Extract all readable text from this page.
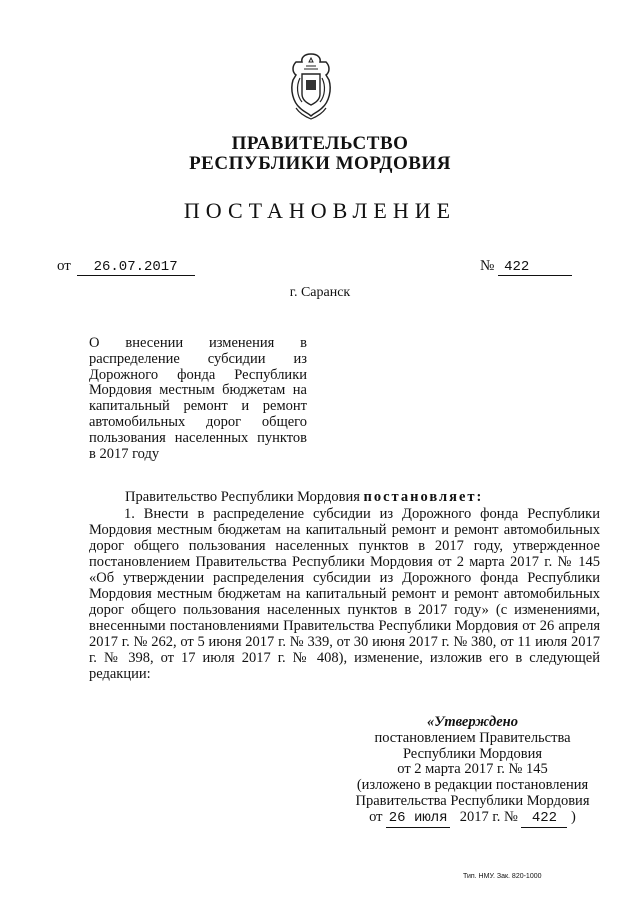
ПРАВИТЕЛЬСТВО
РЕСПУБЛИКИ МОРДОВИЯ
ПОСТАНОВЛЕНИЕ
от 26.07.2017	№ 422
г. Саранск
О внесении изменения в
распределение субсидии из
Дорожного фонда Республики
Мордовия местным бюджетам на
капитальный ремонт и ремонт
автомобильных дорог общего
пользования населенных пунктов
в 2017 году
Правительство Республики Мордовия постановляет:
1. Внести в распределение субсидии из Дорожного фонда Республики Мордовия местным бюджетам на капитальный ремонт и ремонт автомобильных дорог общего пользования населенных пунктов в 2017 году, утвержденное постановлением Правительства Республики Мордовия от 2 марта 2017 г. № 145 «Об утверждении распределения субсидии из Дорожного фонда Республики Мордовия местным бюджетам на капитальный ремонт и ремонт автомобильных дорог общего пользования населенных пунктов в 2017 году» (с изменениями, внесенными постановлениями Правительства Республики Мордовия от 26 апреля 2017 г. № 262, от 5 июня 2017 г. № 339, от 30 июня 2017 г. № 380, от 11 июля 2017 г. № 398, от 17 июля 2017 г. № 408), изменение, изложив его в следующей редакции:
«Утверждено
постановлением Правительства
Республики Мордовия
от 2 марта 2017 г. № 145
(изложено в редакции постановления
Правительства Республики Мордовия
от 26 июля 2017 г. № 422 )
Тип. НМУ. Зак. 820-1000
